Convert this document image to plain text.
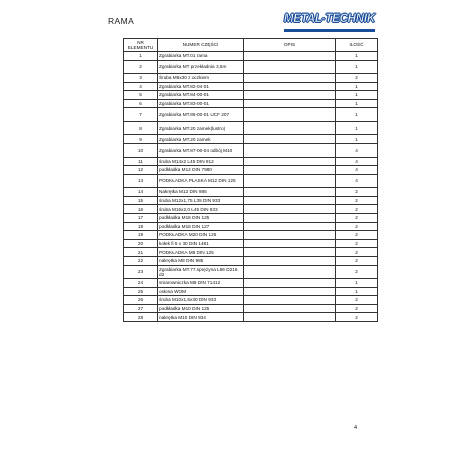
RAMA	METAL-TECHNIK
NR ELEMENTU	NUMER CZĘŚCI	OPIS	ILOŚĆ
1	Zgrabiarka MT.01 rama		1
2	Zgrabiarka MT przekładnia 3,5m		1
3	Śruba M8x30 z oczkiem		2
4	Zgrabiarka MT.82-04-01		1
5	Zgrabiarka MT.84-00-01		1
6	Zgrabiarka MT.83-00-01		1
7	Zgrabiarka MT.85-00-01 UCF 207		1
8	Zgrabiarka MT.20 zamek(lustro)		1
9	Zgrabiarka MT.20 zamek		1
10	Zgrabiarka MT.87-00-04 odbój M10		4
11	śruba M14x2 L45 DIN 912		4
12	podkładka M14 DIN 7980		4
13	PODKŁADKA PŁASKA M12 DIN 125		4
14	Nakrętka M12 DIN 985		2
15	śruba M12x1,75 L35 DIN 933		2
16	śruba M16x2,0 L45 DIN 933		2
17	podkładka M16 DIN 125		2
18	podkładka M16 DIN 127		2
19	PODKŁADKA M20 DIN 125		2
20	kołek fi 5 x 30 DIN 1481		2
21	PODKŁADKA M8 DIN 125		2
22	nakrętka M8 DIN 985		2
23	Zgrabiarka MT.77.sprężyna L56 D216 d2		2
24	smarowniczka M8 DIN 71412		1
25	osłona WOM		1
26	śruba M10x1,5x30 DIN 933		2
27	podkładka M10 DIN 125		2
28	nakrętka M10 DIN 934		2
4
